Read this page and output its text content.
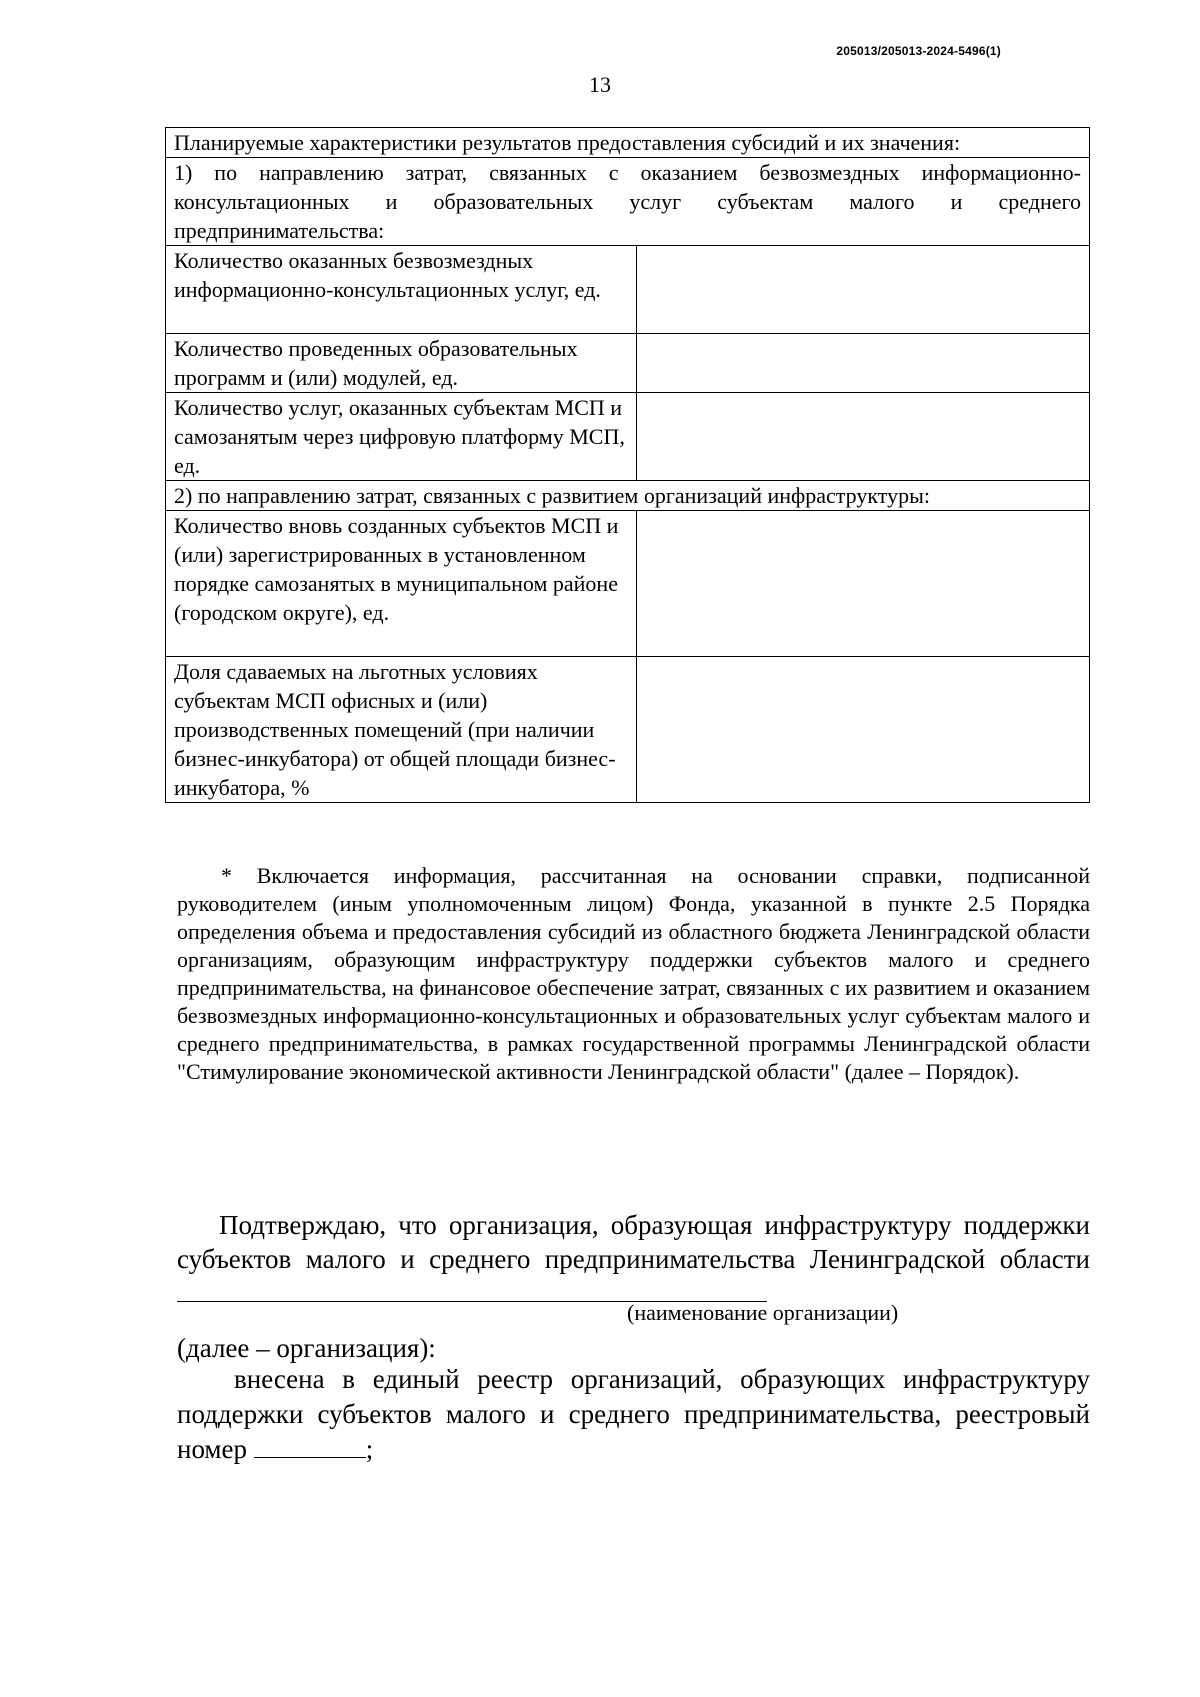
205013/205013-2024-5496(1)
13
Планируемые характеристики результатов предоставления субсидий и их значения:	
1) по направлению затрат, связанных с оказанием безвозмездных информационно-консультационных и образовательных услуг субъектам малого и среднего предпринимательства:	
Количество оказанных безвозмездных информационно-консультационных услуг, ед.	
Количество проведенных образовательных программ и (или) модулей, ед.	
Количество услуг, оказанных субъектам МСП и самозанятым через цифровую платформу МСП, ед.	
2) по направлению затрат, связанных с развитием организаций инфраструктуры:	
Количество вновь созданных субъектов МСП и (или) зарегистрированных в установленном порядке самозанятых в муниципальном районе (городском округе), ед.	
Доля сдаваемых на льготных условиях субъектам МСП офисных и (или) производственных помещений (при наличии бизнес-инкубатора) от общей площади бизнес-инкубатора, %	
* Включается информация, рассчитанная на основании справки, подписанной руководителем (иным уполномоченным лицом) Фонда, указанной в пункте 2.5 Порядка определения объема и предоставления субсидий из областного бюджета Ленинградской области организациям, образующим инфраструктуру поддержки субъектов малого и среднего предпринимательства, на финансовое обеспечение затрат, связанных с их развитием и оказанием безвозмездных информационно-консультационных и образовательных услуг субъектам малого и среднего предпринимательства, в рамках государственной программы Ленинградской области "Стимулирование экономической активности Ленинградской области" (далее – Порядок).
Подтверждаю, что организация, образующая инфраструктуру поддержки субъектов малого и среднего предпринимательства Ленинградской области
(наименование организации)
(далее – организация):
внесена в единый реестр организаций, образующих инфраструктуру поддержки субъектов малого и среднего предпринимательства, реестровый номер	;
